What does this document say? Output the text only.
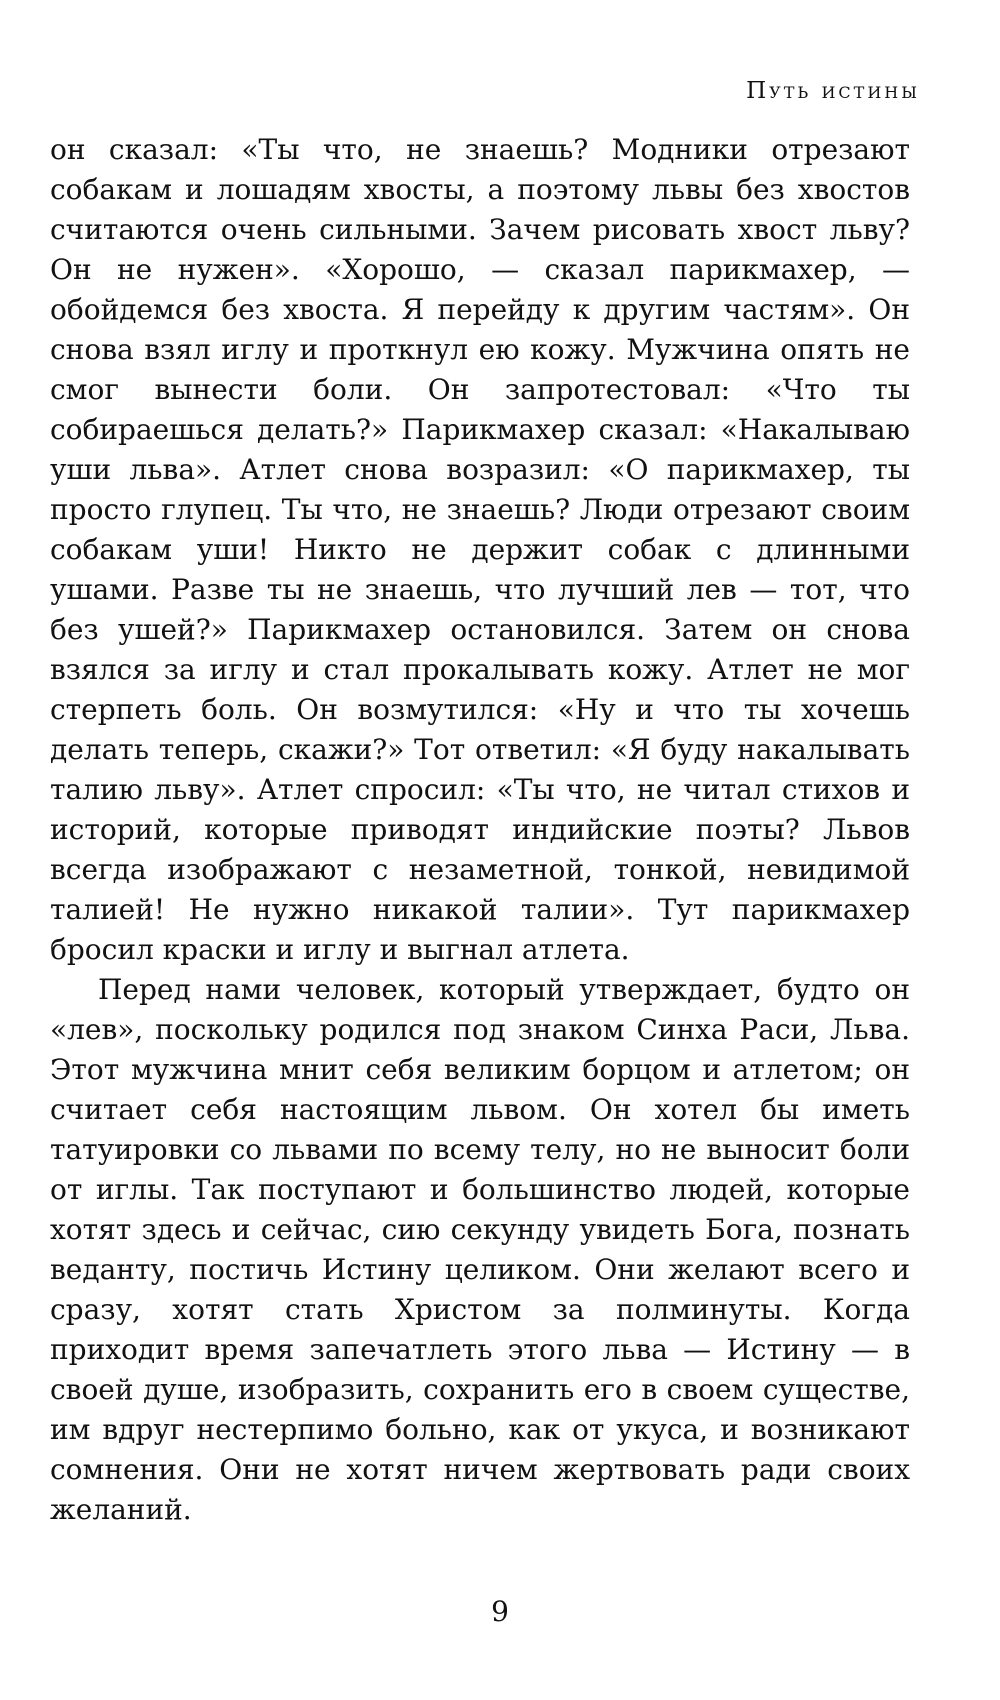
Путь истины

он сказал: «Ты что, не знаешь? Модники отрезают собакам и лошадям хвосты, а поэтому львы без хвостов считаются очень сильными. Зачем рисовать хвост льву? Он не нужен». «Хорошо, — сказал парикмахер, — обойдемся без хвоста. Я перейду к другим частям». Он снова взял иглу и проткнул ею кожу. Мужчина опять не смог вынести боли. Он запротестовал: «Что ты собираешься делать?» Парикмахер сказал: «Накалываю уши льва». Атлет снова возразил: «О парикмахер, ты просто глупец. Ты что, не знаешь? Люди отрезают своим собакам уши! Никто не держит собак с длинными ушами. Разве ты не знаешь, что лучший лев — тот, что без ушей?» Парикмахер остановился. Затем он снова взялся за иглу и стал прокалывать кожу. Атлет не мог стерпеть боль. Он возмутился: «Ну и что ты хочешь делать теперь, скажи?» Тот ответил: «Я буду накалывать талию льву». Атлет спросил: «Ты что, не читал стихов и историй, которые приводят индийские поэты? Львов всегда изображают с незаметной, тонкой, невидимой талией! Не нужно никакой талии». Тут парикмахер бросил краски и иглу и выгнал атлета.

Перед нами человек, который утверждает, будто он «лев», поскольку родился под знаком Синха Раси, Льва. Этот мужчина мнит себя великим борцом и атлетом; он считает себя настоящим львом. Он хотел бы иметь татуировки со львами по всему телу, но не выносит боли от иглы. Так поступают и большинство людей, которые хотят здесь и сейчас, сию секунду увидеть Бога, познать веданту, постичь Истину целиком. Они желают всего и сразу, хотят стать Христом за полминуты. Когда приходит время запечатлеть этого льва — Истину — в своей душе, изобразить, сохранить его в своем существе, им вдруг нестерпимо больно, как от укуса, и возникают сомнения. Они не хотят ничем жертвовать ради своих желаний.

9
